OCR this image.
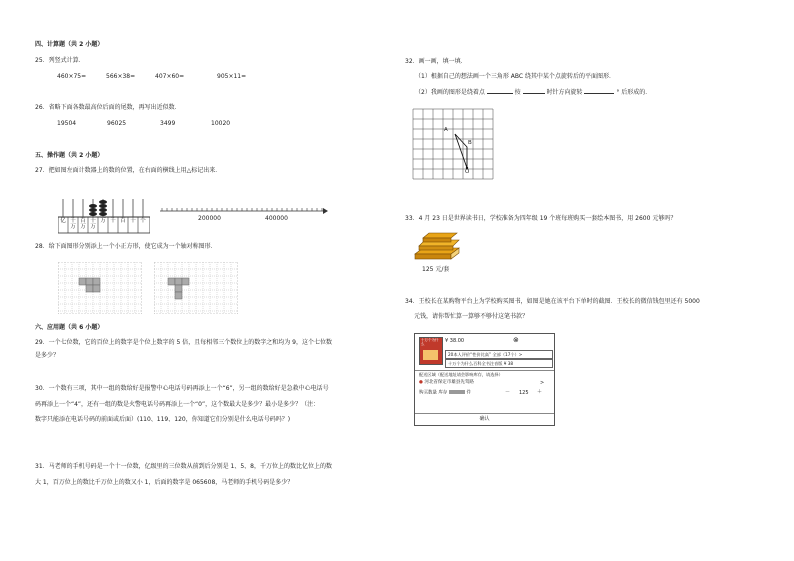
四、计算题（共 2 小题）
25．列竖式计算．
460×75=	566×38=	407×60=	905×11=
26．省略下面各数最高位后面的尾数，再写出近似数．
19504	96025	3499	10020
五、操作题（共 2 小题）
27．把如图左面计数器上的数的位置，在右面的横线上用△标记出来．
亿 千
万
百
万
十
万
万 千 百 十 个	200000	400000
28．给下面图形分别添上一个小正方形，使它成为一个轴对称图形．
六、应用题（共 6 小题）
29．一个七位数，它的百位上的数字是个位上数字的 5 倍，且每相邻三个数位上的数字之和均为 9，这个七位数
是多少？
30．一个数有三项，其中一组的数给好是报警中心电话号码再添上一个“6”，另一组的数给好是急救中心电话号
码再添上一个“4”，还有一组的数是火警电话号码再添上一个“0”，这个数最大是多少？最小是多少？（注：
数字只能添在电话号码的前面或后面）(110、119、120，你知道它们分别是什么电话号码吗？)
31．马老师的手机号码是一个十一位数，亿级里的三位数从前到后分别是 1、5、8，千万位上的数比亿位上的数
大 1，百万位上的数比千万位上的数又小 1，后面的数字是 065608，马老师的手机号码是多少？
32．画一画，填一填．
（1）根据自己的想法画一个三角形 ABC 绕其中某个点旋转后的平面图形．
（2）我画的图形是绕着点	按	时针方向旋转	° 后形成的．
A
B
O
33．4 月 23 日是世界读书日，学校准备为四年级 19 个班每班购买一套绘本图书，用 2600 元够吗？
125 元/套
34．王校长在某购物平台上为学校购买图书，如图是她在该平台下单时的截图．王校长的微信钱包里还有 5000
元钱，请你帮忙算一算够不够付这笔书款？
十万个为什么	¥ 38.00	⊗
20本人评价“性价比高” 全部（17个）>
十万个为什么百科全书注音版 ¥ 38
配送区域（配送地址请会影响库存，请选择）
● 河北省保定市雄县先驾路	>
购买数量 库存	件	－ 125 ＋
确认
